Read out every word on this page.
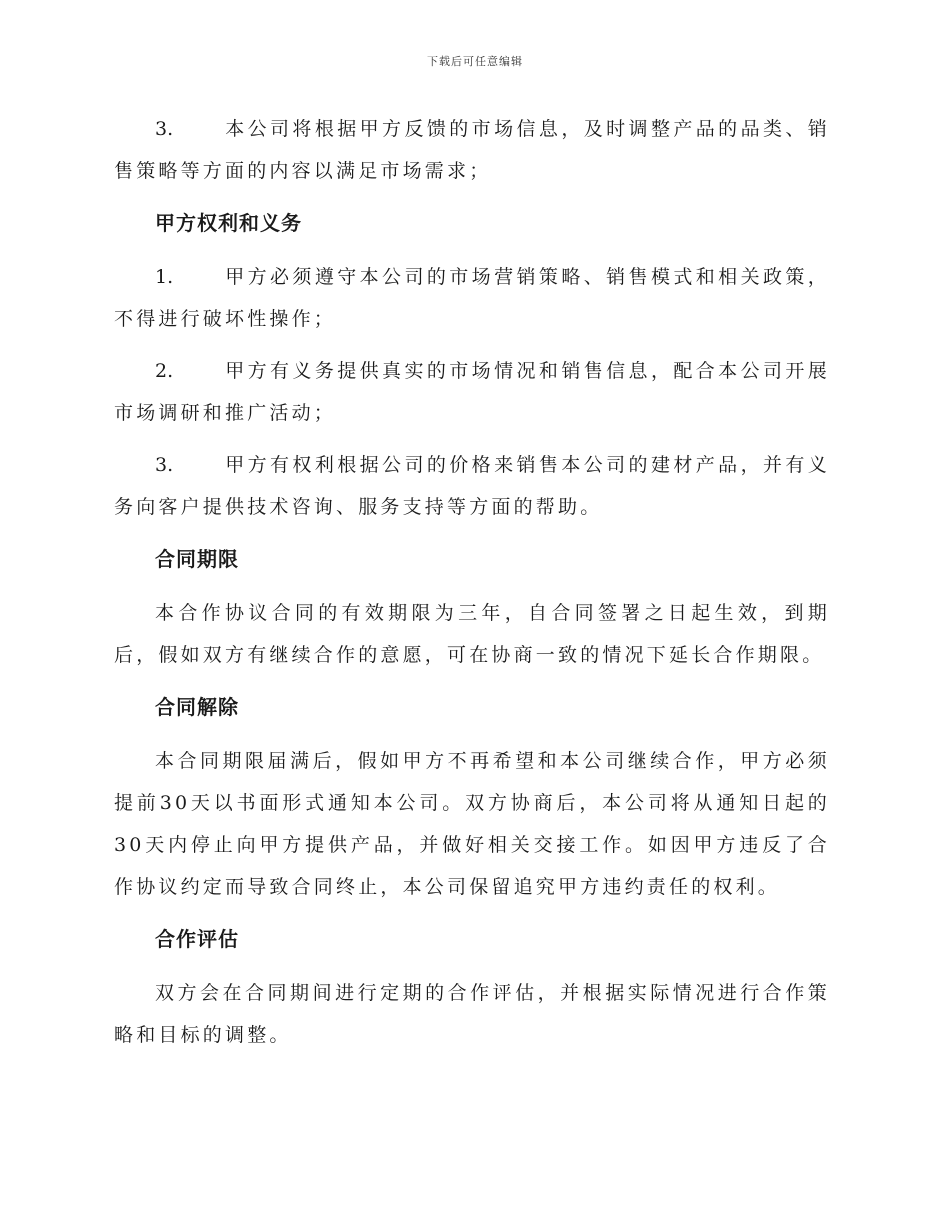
下载后可任意编辑

3.	本公司将根据甲方反馈的市场信息，及时调整产品的品类、销售策略等方面的内容以满足市场需求；

甲方权利和义务

1.	甲方必须遵守本公司的市场营销策略、销售模式和相关政策，不得进行破坏性操作；

2.	甲方有义务提供真实的市场情况和销售信息，配合本公司开展市场调研和推广活动；

3.	甲方有权利根据公司的价格来销售本公司的建材产品，并有义务向客户提供技术咨询、服务支持等方面的帮助。

合同期限

本合作协议合同的有效期限为三年，自合同签署之日起生效，到期后，假如双方有继续合作的意愿，可在协商一致的情况下延长合作期限。

合同解除

本合同期限届满后，假如甲方不再希望和本公司继续合作，甲方必须提前30天以书面形式通知本公司。双方协商后，本公司将从通知日起的30天内停止向甲方提供产品，并做好相关交接工作。如因甲方违反了合作协议约定而导致合同终止，本公司保留追究甲方违约责任的权利。

合作评估

双方会在合同期间进行定期的合作评估，并根据实际情况进行合作策略和目标的调整。
